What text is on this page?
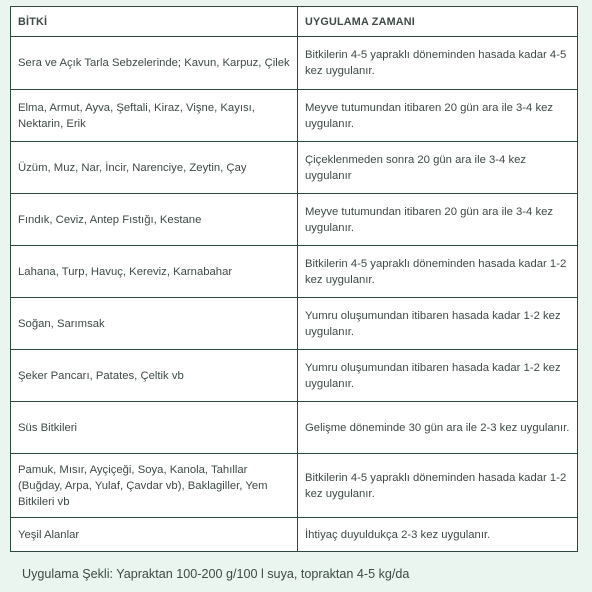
BİTKİ	UYGULAMA ZAMANI
Sera ve Açık Tarla Sebzelerinde; Kavun, Karpuz, Çilek	Bitkilerin 4-5 yapraklı döneminden hasada kadar 4-5 kez uygulanır.
Elma, Armut, Ayva, Şeftali, Kiraz, Vişne, Kayısı, Nektarin, Erik	Meyve tutumundan itibaren 20 gün ara ile 3-4 kez uygulanır.
Üzüm, Muz, Nar, İncir, Narenciye, Zeytin, Çay	Çiçeklenmeden sonra 20 gün ara ile 3-4 kez uygulanır
Fındık, Ceviz, Antep Fıstığı, Kestane	Meyve tutumundan itibaren 20 gün ara ile 3-4 kez uygulanır.
Lahana, Turp, Havuç, Kereviz, Karnabahar	Bitkilerin 4-5 yapraklı döneminden hasada kadar 1-2 kez uygulanır.
Soğan, Sarımsak	Yumru oluşumundan itibaren hasada kadar 1-2 kez uygulanır.
Şeker Pancarı, Patates, Çeltik vb	Yumru oluşumundan itibaren hasada kadar 1-2 kez uygulanır.
Süs Bitkileri	Gelişme döneminde 30 gün ara ile 2-3 kez uygulanır.
Pamuk, Mısır, Ayçiçeği, Soya, Kanola, Tahıllar (Buğday, Arpa, Yulaf, Çavdar vb), Baklagiller, Yem Bitkileri vb	Bitkilerin 4-5 yapraklı döneminden hasada kadar 1-2 kez uygulanır.
Yeşil Alanlar	İhtiyaç duyuldukça 2-3 kez uygulanır.
Uygulama Şekli: Yapraktan 100-200 g/100 l suya, topraktan 4-5 kg/da
